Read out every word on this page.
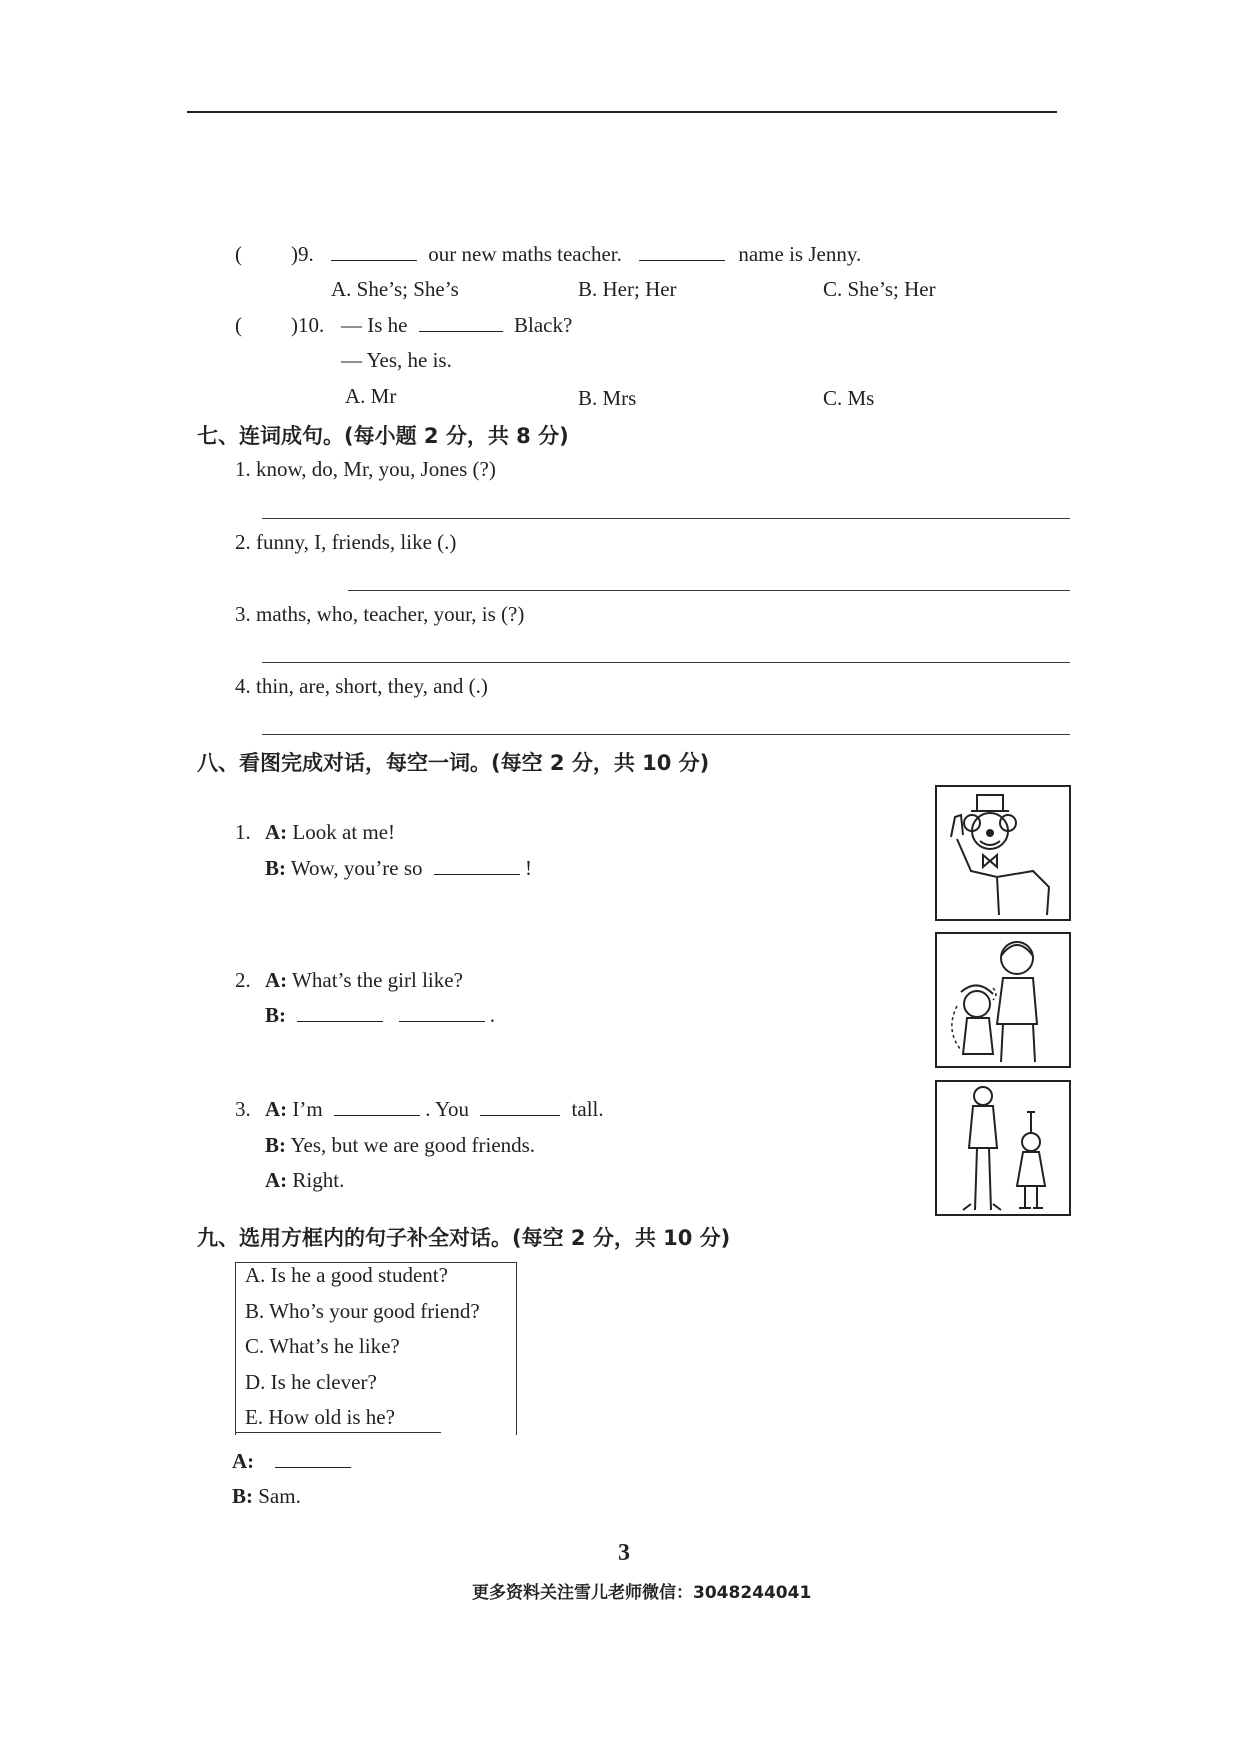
( )9.	our new maths teacher.	name is Jenny.
A. She’s; She’s	B. Her; Her	C. She’s; Her
( )10. — Is he	Black?
— Yes, he is.
A. Mr	B. Mrs	C. Ms
七、连词成句。(每小题 2 分，共 8 分)
1. know, do, Mr, you, Jones (?)
2. funny, I, friends, like (.)
3. maths, who, teacher, your, is (?)
4. thin, are, short, they, and (.)
八、看图完成对话，每空一词。(每空 2 分，共 10 分)
1. A: Look at me!
B: Wow, you’re so	!
2. A: What’s the girl like?
B:	.
3. A: I’m	. You	tall.
B: Yes, but we are good friends.
A: Right.
九、选用方框内的句子补全对话。(每空 2 分，共 10 分)
A. Is he a good student?
B. Who’s your good friend?
C. What’s he like?
D. Is he clever?
E. How old is he?
A:
B: Sam.
3
更多资料关注雪儿老师微信：3048244041
